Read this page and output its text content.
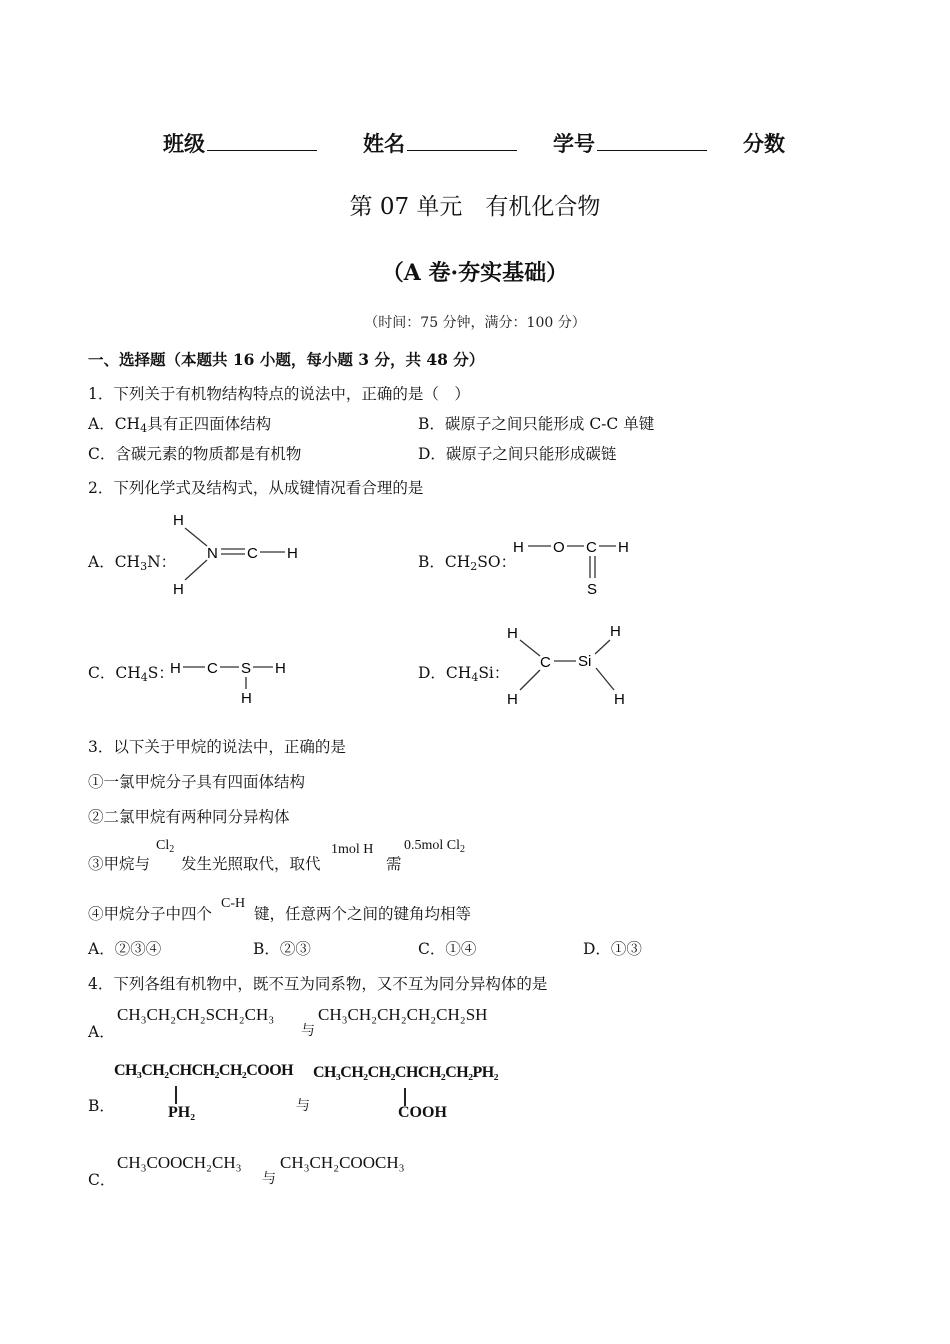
班级	姓名	学号	分数
第 07 单元　有机化合物
（A 卷·夯实基础）
（时间：75 分钟，满分：100 分）
一、选择题（本题共 16 小题，每小题 3 分，共 48 分）
1．下列关于有机物结构特点的说法中，正确的是（　）
A．CH4具有正四面体结构	B．碳原子之间只能形成 C-C 单键
C．含碳元素的物质都是有机物	D．碳原子之间只能形成碳链
2．下列化学式及结构式，从成键情况看合理的是
A．CH3N：
H
H
N C H	B．CH2SO：
H O C H
S
C．CH4S：
H C S H
H
D．CH4Si：
H
H
C Si
H
H
3．以下关于甲烷的说法中，正确的是
①一氯甲烷分子具有四面体结构
②二氯甲烷有两种同分异构体
③甲烷与
$Cl_2$
发生光照取代，取代
1mol H
需
0.5mol $Cl_2$
④甲烷分子中四个
C-H
键，任意两个之间的键角均相等
A．②③④	B．②③	C．①④	D．①③
4．下列各组有机物中，既不互为同系物，又不互为同分异构体的是
A．
CH₃CH₂CH₂SCH₂CH₃
与
CH₃CH₂CH₂CH₂CH₂SH
B．
CH₃CH₂CHCH₂CH₂COOH
PH₂	与
CH₃CH₂CH₂CHCH₂CH₂PH₂
COOH
C．
CH₃COOCH₂CH₃
与
CH₃CH₂COOCH₃
